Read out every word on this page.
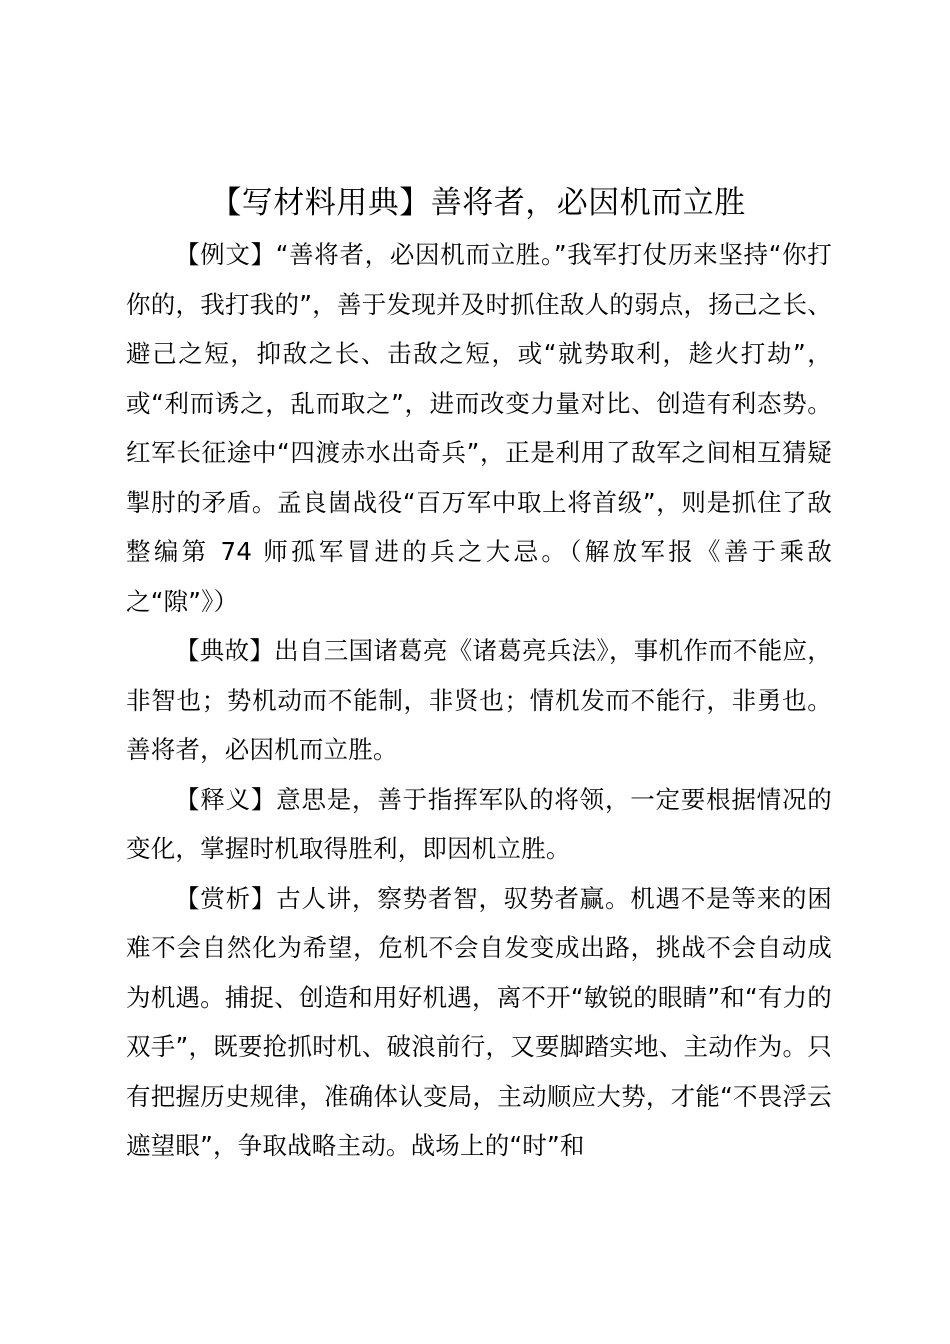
【写材料用典】善将者，必因机而立胜

【例文】“善将者，必因机而立胜。”我军打仗历来坚持“你打你的，我打我的”，善于发现并及时抓住敌人的弱点，扬己之长、避己之短，抑敌之长、击敌之短，或“就势取利，趁火打劫”，或“利而诱之，乱而取之”，进而改变力量对比、创造有利态势。红军长征途中“四渡赤水出奇兵”，正是利用了敌军之间相互猜疑掣肘的矛盾。孟良崮战役“百万军中取上将首级”，则是抓住了敌整编第 74 师孤军冒进的兵之大忌。（解放军报《善于乘敌之“隙”》）

【典故】出自三国诸葛亮《诸葛亮兵法》，事机作而不能应，非智也；势机动而不能制，非贤也；情机发而不能行，非勇也。善将者，必因机而立胜。

【释义】意思是，善于指挥军队的将领，一定要根据情况的变化，掌握时机取得胜利，即因机立胜。

【赏析】古人讲，察势者智，驭势者赢。机遇不是等来的困难不会自然化为希望，危机不会自发变成出路，挑战不会自动成为机遇。捕捉、创造和用好机遇，离不开“敏锐的眼睛”和“有力的双手”，既要抢抓时机、破浪前行，又要脚踏实地、主动作为。只有把握历史规律，准确体认变局，主动顺应大势，才能“不畏浮云遮望眼”，争取战略主动。战场上的“时”和
